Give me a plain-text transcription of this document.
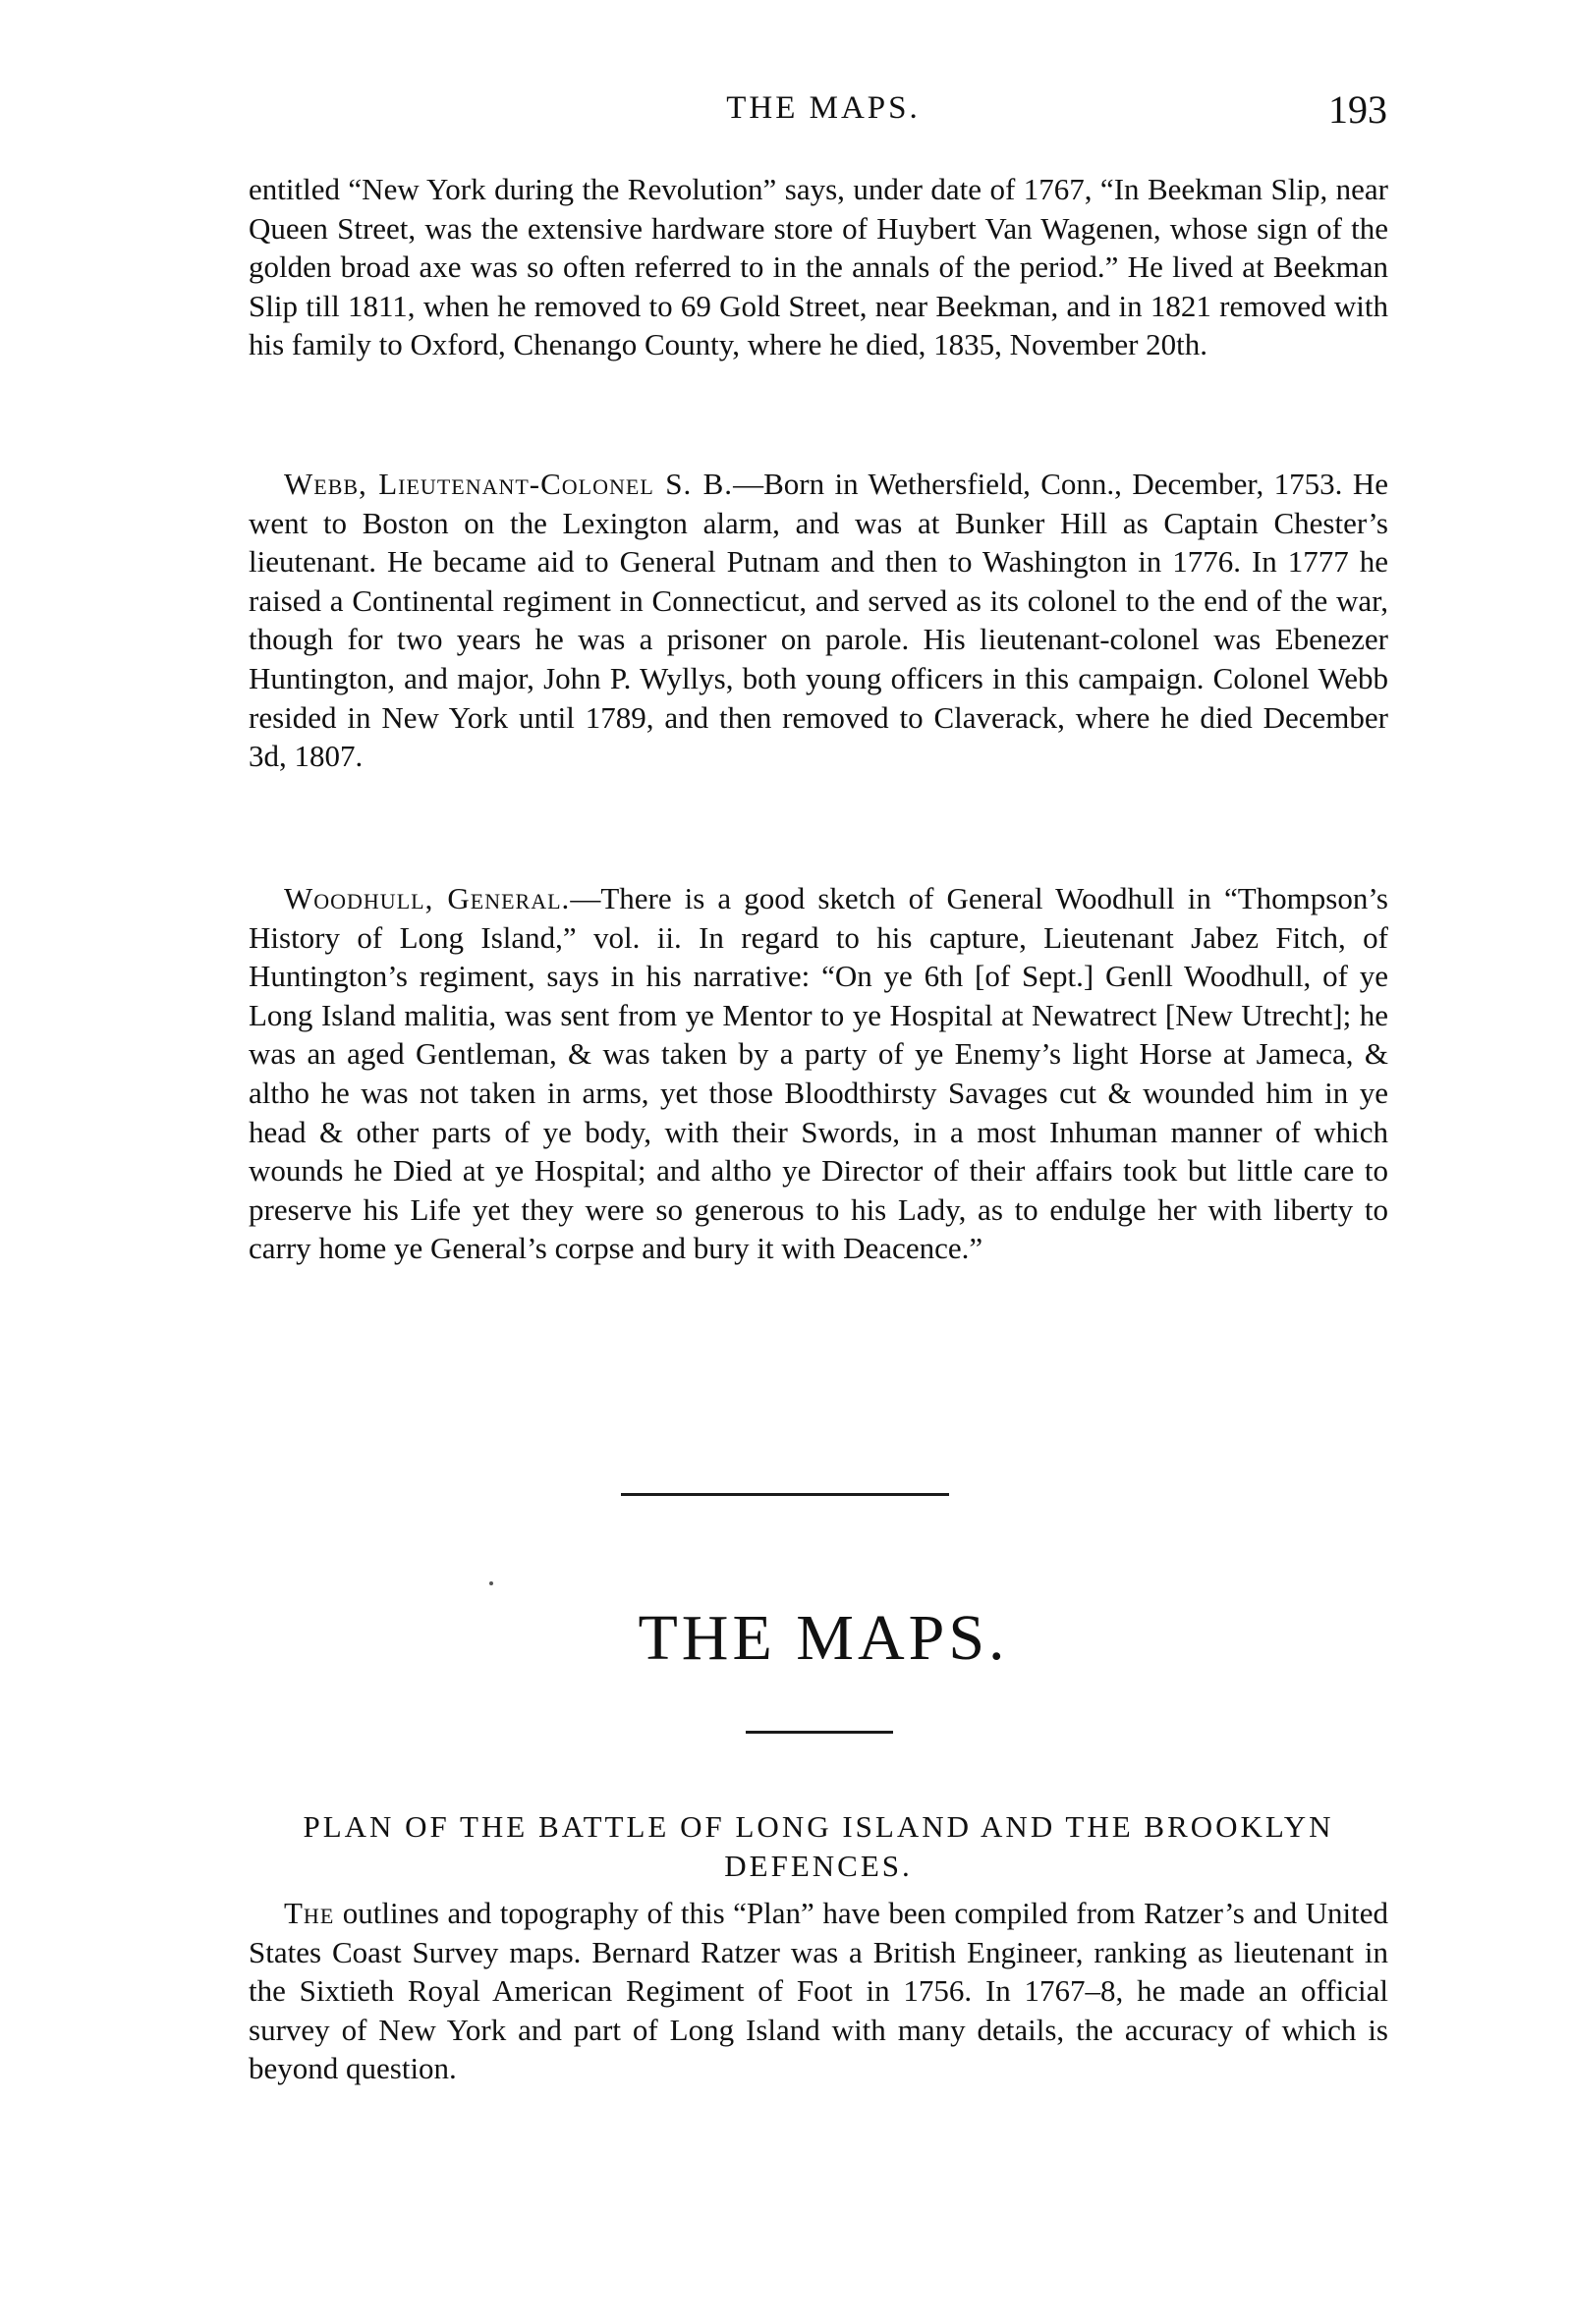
THE MAPS.	193

entitled “New York during the Revolution” says, under date of 1767, “In Beekman Slip, near Queen Street, was the extensive hardware store of Huybert Van Wagenen, whose sign of the golden broad axe was so often referred to in the annals of the period.” He lived at Beekman Slip till 1811, when he removed to 69 Gold Street, near Beekman, and in 1821 removed with his family to Oxford, Chenango County, where he died, 1835, November 20th.

Webb, Lieutenant-Colonel S. B.—Born in Wethersfield, Conn., December, 1753. He went to Boston on the Lexington alarm, and was at Bunker Hill as Captain Chester’s lieutenant. He became aid to General Putnam and then to Washington in 1776. In 1777 he raised a Continental regiment in Connecticut, and served as its colonel to the end of the war, though for two years he was a prisoner on parole. His lieutenant-colonel was Ebenezer Huntington, and major, John P. Wyllys, both young officers in this campaign. Colonel Webb resided in New York until 1789, and then removed to Claverack, where he died December 3d, 1807.

Woodhull, General.—There is a good sketch of General Woodhull in “Thompson’s History of Long Island,” vol. ii. In regard to his capture, Lieutenant Jabez Fitch, of Huntington’s regiment, says in his narrative: “On ye 6th [of Sept.] Genll Woodhull, of ye Long Island malitia, was sent from ye Mentor to ye Hospital at Newatrect [New Utrecht]; he was an aged Gentleman, & was taken by a party of ye Enemy’s light Horse at Jameca, & altho he was not taken in arms, yet those Bloodthirsty Savages cut & wounded him in ye head & other parts of ye body, with their Swords, in a most Inhuman manner of which wounds he Died at ye Hospital; and altho ye Director of their affairs took but little care to preserve his Life yet they were so generous to his Lady, as to endulge her with liberty to carry home ye General’s corpse and bury it with Deacence.”

THE MAPS.
PLAN OF THE BATTLE OF LONG ISLAND AND THE BROOKLYN DEFENCES.

The outlines and topography of this “Plan” have been compiled from Ratzer’s and United States Coast Survey maps. Bernard Ratzer was a British Engineer, ranking as lieutenant in the Sixtieth Royal American Regiment of Foot in 1756. In 1767–8, he made an official survey of New York and part of Long Island with many details, the accuracy of which is beyond question.
